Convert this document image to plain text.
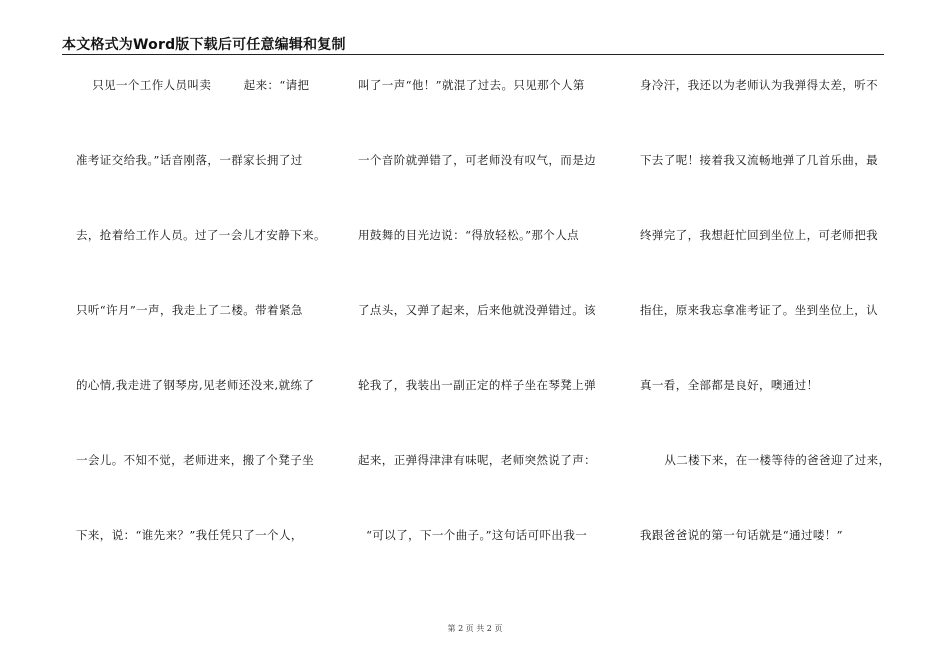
本文格式为Word版下载后可任意编辑和复制
只见一个工作人员叫卖        起来：“请把
准考证交给我。”话音刚落，一群家长拥了过
去，抢着给工作人员。过了一会儿才安静下来。
只听“许月”一声，我走上了二楼。带着紧急
的心情,我走进了钢琴房,见老师还没来,就练了
一会儿。不知不觉，老师进来，搬了个凳子坐
下来，说：“谁先来？”我任凭只了一个人，
叫了一声“他！”就混了过去。只见那个人第
一个音阶就弹错了，可老师没有叹气，而是边
用鼓舞的目光边说：“得放轻松。”那个人点
了点头，又弹了起来，后来他就没弹错过。该
轮我了，我装出一副正定的样子坐在琴凳上弹
起来，正弹得津津有味呢，老师突然说了声：
“可以了，下一个曲子。”这句话可吓出我一
身冷汗，我还以为老师认为我弹得太差，听不
下去了呢！接着我又流畅地弹了几首乐曲，最
终弹完了，我想赶忙回到坐位上，可老师把我
指住，原来我忘拿准考证了。坐到坐位上，认
真一看，全部都是良好，噢通过！
从二楼下来，在一楼等待的爸爸迎了过来，
我跟爸爸说的第一句话就是“通过喽！”
第 2 页 共 2 页
